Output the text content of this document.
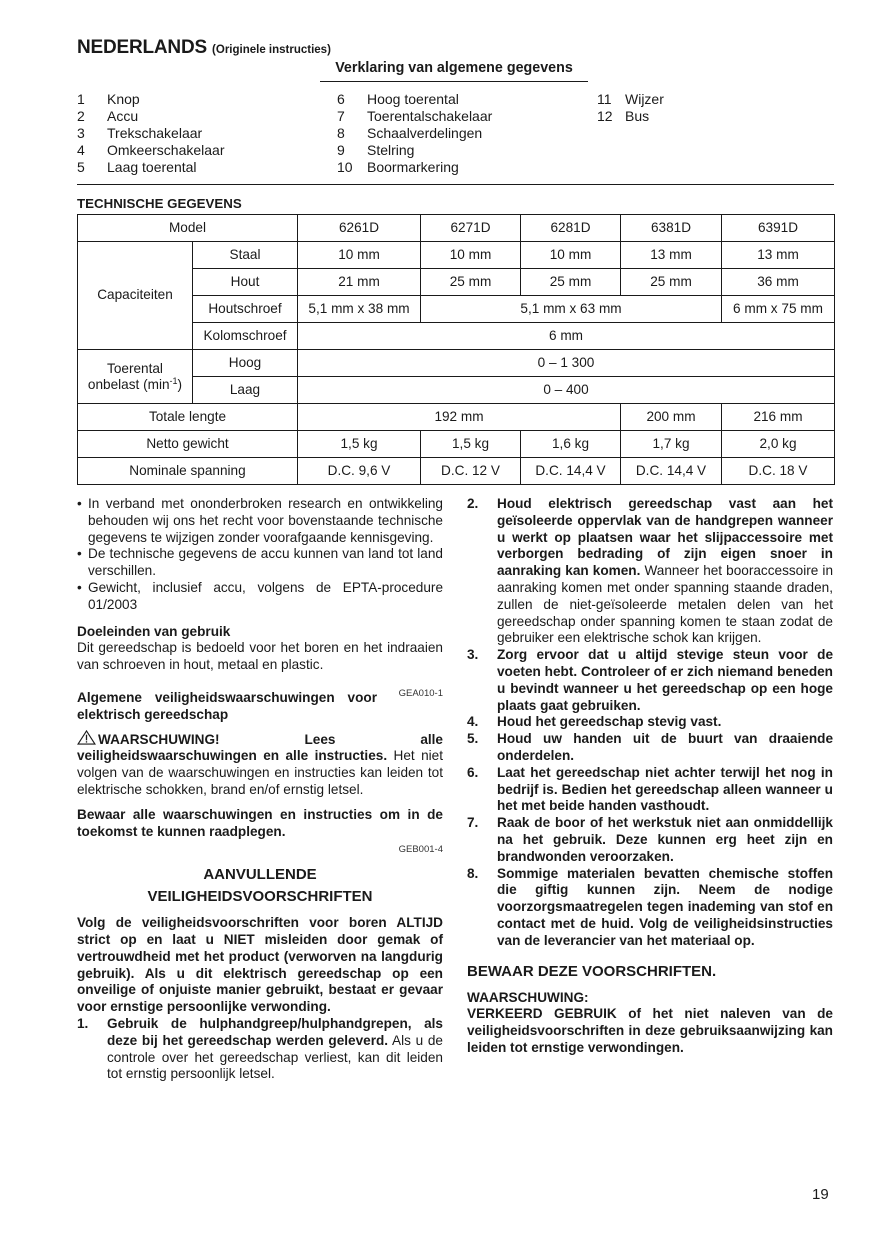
NEDERLANDS (Originele instructies)
Verklaring van algemene gegevens
1	Knop
2	Accu
3	Trekschakelaar
4	Omkeerschakelaar
5	Laag toerental
6	Hoog toerental
7	Toerentalschakelaar
8	Schaalverdelingen
9	Stelring
10	Boormarkering
11 Wijzer
12 Bus
TECHNISCHE GEGEVENS
Model		6261D	6271D	6281D	6381D	6391D
Capaciteiten	Staal	10 mm	10 mm	10 mm	13 mm	13 mm
	Hout	21 mm	25 mm	25 mm	25 mm	36 mm
	Houtschroef	5,1 mm x 38 mm	5,1 mm x 63 mm			6 mm x 75 mm
	Kolomschroef	6 mm				
Toerental
onbelast $(\min^{-1})$	Hoog	0 – 1 300				
	Laag	0 – 400				
Totale lengte		192 mm			200 mm	216 mm
Netto gewicht		1,5 kg	1,5 kg	1,6 kg	1,7 kg	2,0 kg
Nominale spanning		D.C. 9,6 V	D.C. 12 V	D.C. 14,4 V	D.C. 14,4 V	D.C. 18 V
• In verband met ononderbroken research en ontwikkeling behouden wij ons het recht voor bovenstaande technische gegevens te wijzigen zonder voorafgaande kennisgeving.
• De technische gegevens de accu kunnen van land tot land verschillen.
• Gewicht, inclusief accu, volgens de EPTA-procedure 01/2003
Doeleinden van gebruik
Dit gereedschap is bedoeld voor het boren en het indraaien van schroeven in hout, metaal en plastic.
Algemene veiligheidswaarschuwingen voor elektrisch gereedschap
GEA010-1
WAARSCHUWING! Lees alle veiligheidswaarschuwingen en alle instructies. Het niet volgen van de waarschuwingen en instructies kan leiden tot elektrische schokken, brand en/of ernstig letsel.
Bewaar alle waarschuwingen en instructies om in de toekomst te kunnen raadplegen.
GEB001-4
AANVULLENDE
VEILIGHEIDSVOORSCHRIFTEN
Volg de veiligheidsvoorschriften voor boren ALTIJD strict op en laat u NIET misleiden door gemak of vertrouwdheid met het product (verworven na langdurig gebruik). Als u dit elektrisch gereedschap op een onveilige of onjuiste manier gebruikt, bestaat er gevaar voor ernstige persoonlijke verwonding.
1.	Gebruik de hulphandgreep/hulphandgrepen, als deze bij het gereedschap werden geleverd. Als u de controle over het gereedschap verliest, kan dit leiden tot ernstig persoonlijk letsel.
2.	Houd elektrisch gereedschap vast aan het geïsoleerde oppervlak van de handgrepen wanneer u werkt op plaatsen waar het slijpaccessoire met verborgen bedrading of zijn eigen snoer in aanraking kan komen. Wanneer het booraccessoire in aanraking komen met onder spanning staande draden, zullen de niet-geïsoleerde metalen delen van het gereedschap onder spanning komen te staan zodat de gebruiker een elektrische schok kan krijgen.
3.	Zorg ervoor dat u altijd stevige steun voor de voeten hebt. Controleer of er zich niemand beneden u bevindt wanneer u het gereedschap op een hoge plaats gaat gebruiken.
4.	Houd het gereedschap stevig vast.
5.	Houd uw handen uit de buurt van draaiende onderdelen.
6.	Laat het gereedschap niet achter terwijl het nog in bedrijf is. Bedien het gereedschap alleen wanneer u het met beide handen vasthoudt.
7.	Raak de boor of het werkstuk niet aan onmiddellijk na het gebruik. Deze kunnen erg heet zijn en brandwonden veroorzaken.
8.	Sommige materialen bevatten chemische stoffen die giftig kunnen zijn. Neem de nodige voorzorgsmaatregelen tegen inademing van stof en contact met de huid. Volg de veiligheidsinstructies van de leverancier van het materiaal op.
BEWAAR DEZE VOORSCHRIFTEN.
WAARSCHUWING:
VERKEERD GEBRUIK of het niet naleven van de veiligheidsvoorschriften in deze gebruiksaanwijzing kan leiden tot ernstige verwondingen.
19
